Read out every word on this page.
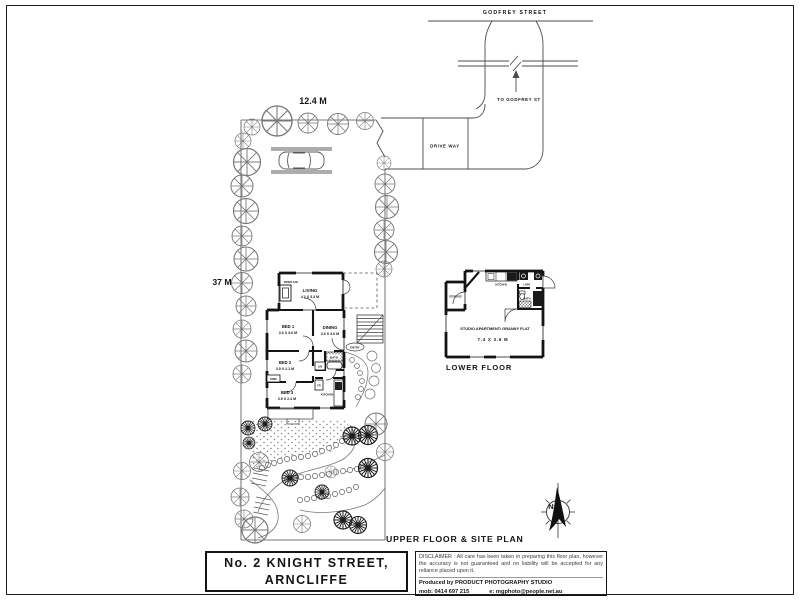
GODFREY STREET
TO GODFREY ST
DRIVE WAY
12.4 M
37 M	FIREPLACE
LIVING
4.2 X 3.3 M
BED 1
3.6 X 3.6 M
DINING
3.6 X 3.6 M
BED 2
3.9 X 2.1 M
BED 3
3.9 X 2.4 M
BATH
LIN
FR
KITCHEN
ENTRY
ROBE
STORAGE
KITCHEN	LDRY
BATH
STUDIO APARTMENT/ GRANNY FLAT
7.4 X 3.6 M
LOWER FLOOR
UPPER FLOOR & SITE PLAN
N
No. 2 KNIGHT STREET,
ARNCLIFFE
DISCLAIMER : All care has been taken in preparing this floor plan, however the accuracy is not guaranteed and no liability will be accepted for any reliance placed upon it.
Produced by PRODUCT PHOTOGRAPHY STUDIO
mob: 0414 697 215	e: mgphoto@people.net.au
